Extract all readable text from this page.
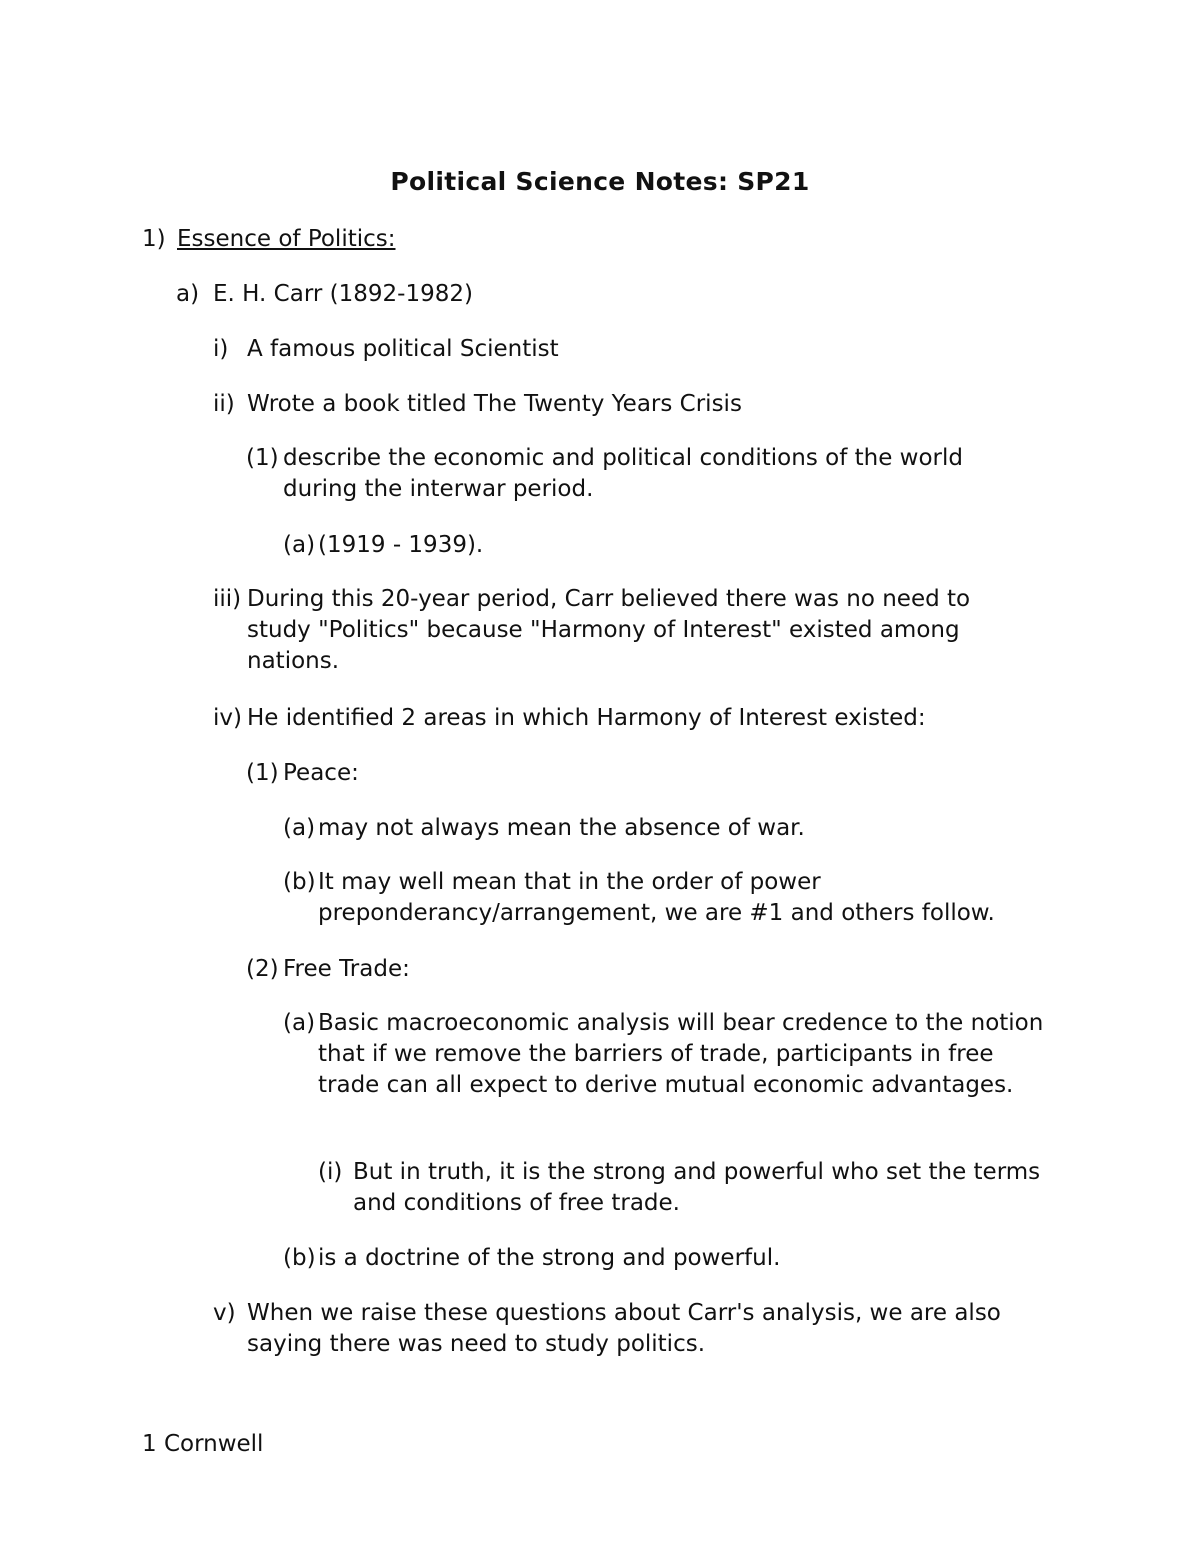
Political Science Notes: SP21
1) Essence of Politics:
a) E. H. Carr (1892-1982)
i) A famous political Scientist
ii) Wrote a book titled The Twenty Years Crisis
(1) describe the economic and political conditions of the world during the interwar period.
(a) (1919 - 1939).
iii) During this 20-year period, Carr believed there was no need to study "Politics" because "Harmony of Interest" existed among nations.
iv) He identified 2 areas in which Harmony of Interest existed:
(1) Peace:
(a) may not always mean the absence of war.
(b) It may well mean that in the order of power preponderancy/arrangement, we are #1 and others follow.
(2) Free Trade:
(a) Basic macroeconomic analysis will bear credence to the notion that if we remove the barriers of trade, participants in free trade can all expect to derive mutual economic advantages.
(i) But in truth, it is the strong and powerful who set the terms and conditions of free trade.
(b) is a doctrine of the strong and powerful.
v) When we raise these questions about Carr's analysis, we are also saying there was need to study politics.
1 Cornwell
